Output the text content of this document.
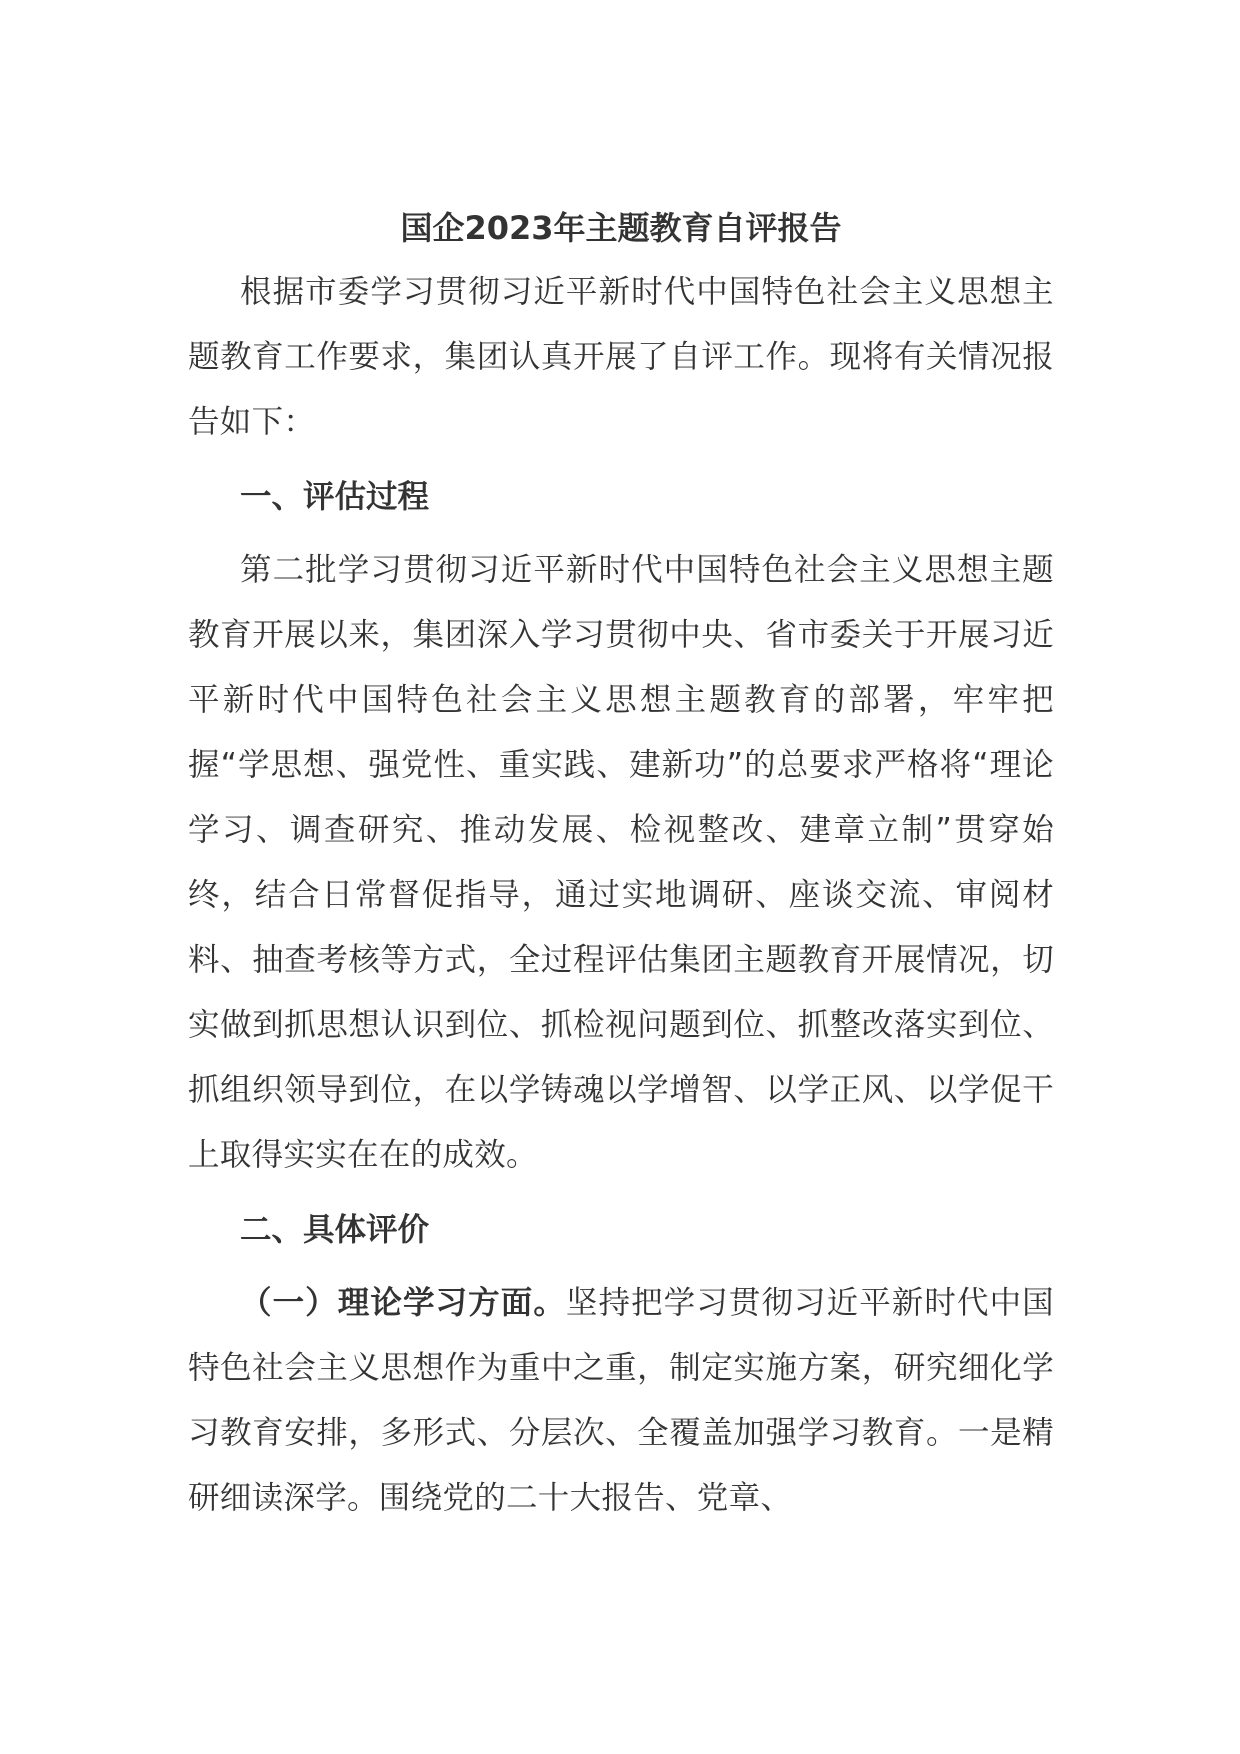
国企2023年主题教育自评报告

根据市委学习贯彻习近平新时代中国特色社会主义思想主题教育工作要求，集团认真开展了自评工作。现将有关情况报告如下：

一、评估过程

第二批学习贯彻习近平新时代中国特色社会主义思想主题教育开展以来，集团深入学习贯彻中央、省市委关于开展习近平新时代中国特色社会主义思想主题教育的部署，牢牢把握“学思想、强党性、重实践、建新功”的总要求严格将“理论学习、调查研究、推动发展、检视整改、建章立制”贯穿始终，结合日常督促指导，通过实地调研、座谈交流、审阅材料、抽查考核等方式，全过程评估集团主题教育开展情况，切实做到抓思想认识到位、抓检视问题到位、抓整改落实到位、抓组织领导到位，在以学铸魂以学增智、以学正风、以学促干上取得实实在在的成效。

二、具体评价

（一）理论学习方面。坚持把学习贯彻习近平新时代中国特色社会主义思想作为重中之重，制定实施方案，研究细化学习教育安排，多形式、分层次、全覆盖加强学习教育。一是精研细读深学。围绕党的二十大报告、党章、
